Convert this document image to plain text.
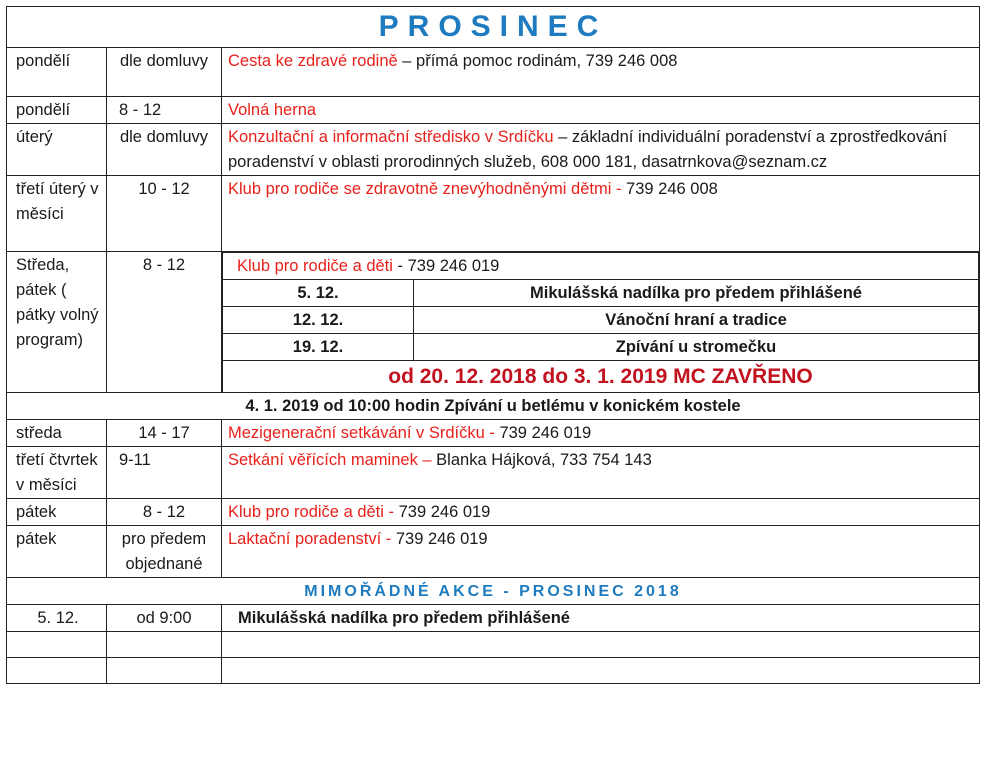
PROSINEC
pondělí	dle domluvy	Cesta ke zdravé rodině – přímá pomoc rodinám, 739 246 008
pondělí	8 - 12	Volná herna
úterý	dle domluvy	Konzultační a informační středisko v Srdíčku – základní individuální poradenství a zprostředkování poradenství v oblasti prorodinných služeb, 608 000 181, dasatrnkova@seznam.cz
třetí úterý v měsíci	10 - 12	Klub pro rodiče se zdravotně znevýhodněnými dětmi - 739 246 008
Středa, pátek ( pátky volný program)	8 - 12		Klub pro rodiče a děti - 739 246 019
5. 12.	Mikulášská nadílka pro předem přihlášené
12. 12.	Vánoční hraní a tradice
19. 12.	Zpívání u stromečku
od 20. 12. 2018 do 3. 1. 2019 MC ZAVŘENO

4. 1. 2019 od 10:00 hodin Zpívání u betlému v konickém kostele
středa	14 - 17	Mezigenerační setkávání v Srdíčku - 739 246 019
třetí čtvrtek v měsíci	9-11	Setkání věřících maminek – Blanka Hájková, 733 754 143
pátek	8 - 12	Klub pro rodiče a děti - 739 246 019
pátek	pro předem objednané	Laktační poradenství - 739 246 019
MIMOŘÁDNÉ AKCE - PROSINEC 2018
5. 12.	od 9:00	Mikulášská nadílka pro předem přihlášené
